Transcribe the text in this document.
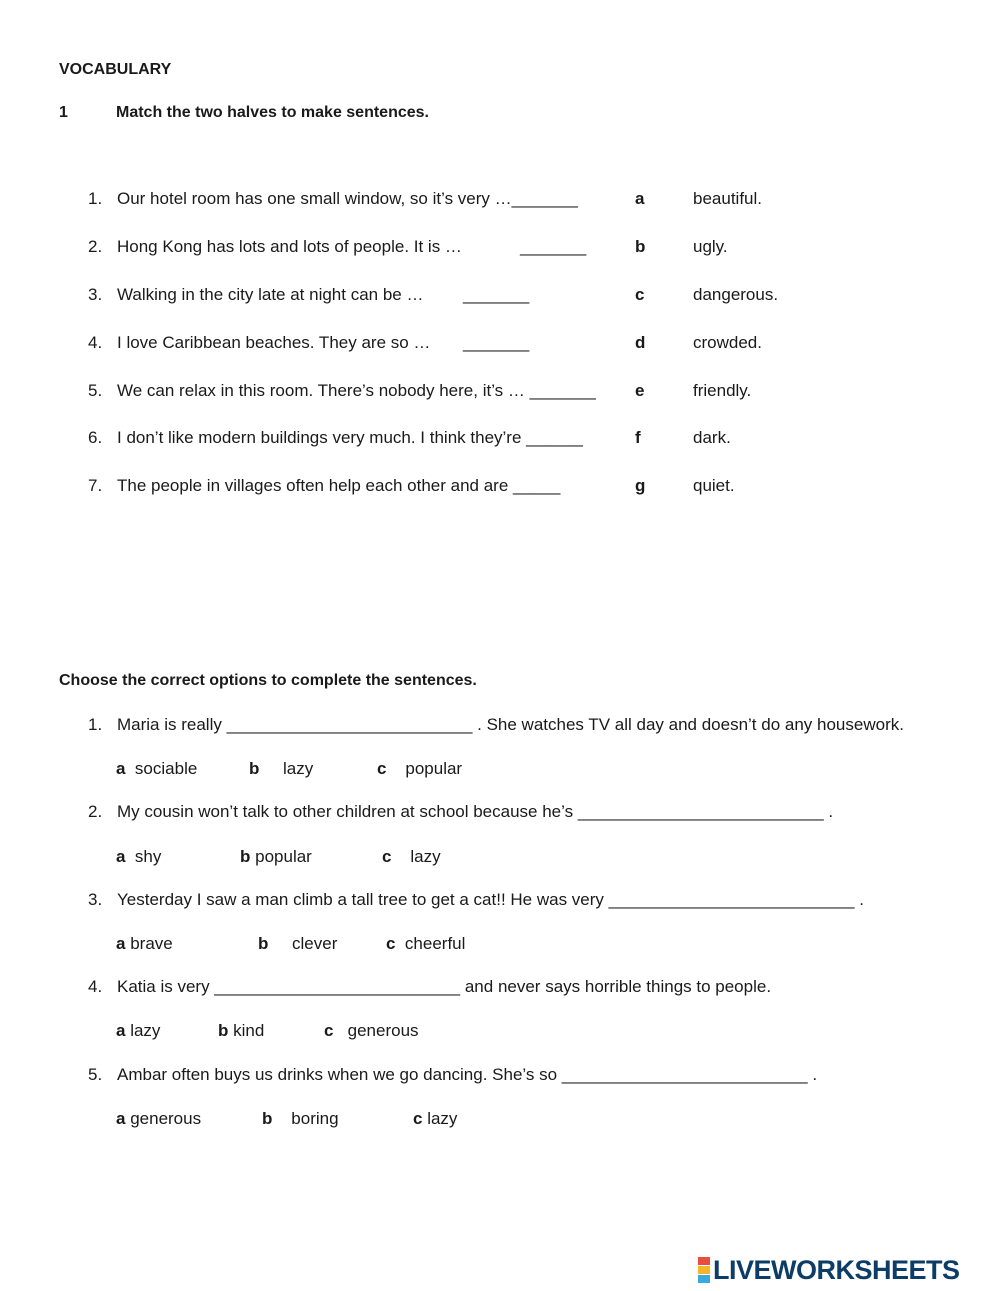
VOCABULARY
1	Match the two halves to make sentences.
1. Our hotel room has one small window, so it’s very …_______	a	beautiful.
2. Hong Kong has lots and lots of people. It is …	_______	b	ugly.
3. Walking in the city late at night can be … _______	c	dangerous.
4. I love Caribbean beaches. They are so … _______	d	crowded.
5. We can relax in this room. There’s nobody here, it’s … _______ e	friendly.
6. I don’t like modern buildings very much. I think they’re ______	f	dark.
7. The people in villages often help each other and are _____	g	quiet.
Choose the correct options to complete the sentences.
1. Maria is really __________________________ . She watches TV all day and doesn’t do any housework.
a sociable	b lazy	c popular
2. My cousin won’t talk to other children at school because he’s __________________________ .
a shy	b popular	c lazy
3. Yesterday I saw a man climb a tall tree to get a cat!! He was very __________________________ .
a brave	b clever	c cheerful
4. Katia is very __________________________ and never says horrible things to people.
a lazy	b kind	c generous
5. Ambar often buys us drinks when we go dancing. She’s so __________________________ .
a generous	b boring	c lazy
LIVEWORKSHEETS
